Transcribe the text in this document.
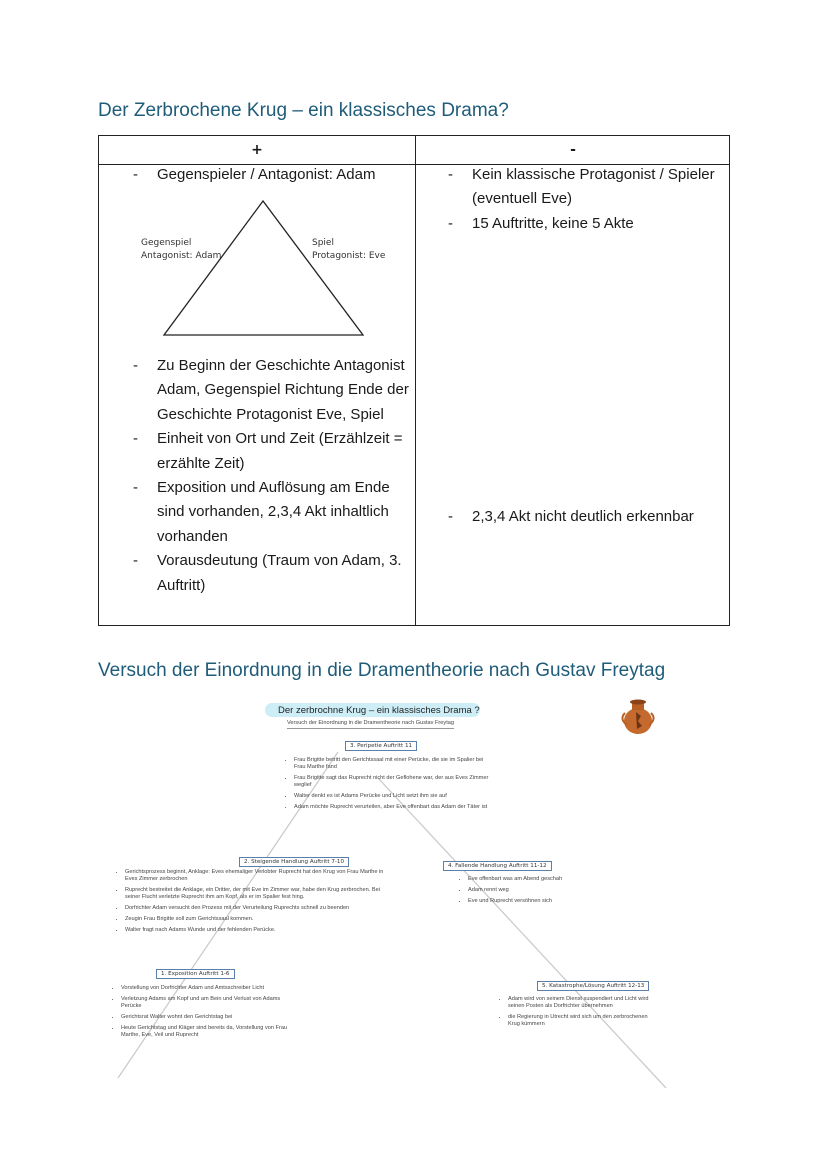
Der Zerbrochene Krug – ein klassisches Drama?
+	-
- Gegenspieler / Antagonist: Adam
Gegenspiel
Antagonist: Adam
Spiel
Protagonist: Eve
- Zu Beginn der Geschichte Antagonist Adam, Gegenspiel Richtung Ende der Geschichte Protagonist Eve, Spiel
- Einheit von Ort und Zeit (Erzählzeit = erzählte Zeit)
- Exposition und Auflösung am Ende sind vorhanden, 2,3,4 Akt inhaltlich vorhanden
- Vorausdeutung (Traum von Adam, 3. Auftritt)
- Kein klassische Protagonist / Spieler (eventuell Eve)
- 15 Auftritte, keine 5 Akte
- 2,3,4 Akt nicht deutlich erkennbar
Versuch der Einordnung in die Dramentheorie nach Gustav Freytag
Der zerbrochne Krug – ein klassisches Drama ?
Versuch der Einordnung in die Dramentheorie nach Gustav Freytag
3. Peripetie Auftritt 11
• Frau Brigitte betritt den Gerichtssaal mit einer Perücke, die sie im Spalier bei Frau Marthe fand
• Frau Brigitte sagt das Ruprecht nicht der Geflohene war, der aus Eves Zimmer weglief
• Walter denkt es ist Adams Perücke und Licht setzt ihm sie auf
• Adam möchte Ruprecht verurteilen, aber Eve offenbart das Adam der Täter ist
2. Steigende Handlung Auftritt 7-10
• Gerichtsprozess beginnt, Anklage: Eves ehemaliger Verlobter Ruprecht hat den Krug von Frau Marthe in Eves Zimmer zerbrochen
• Ruprecht bestreitet die Anklage, ein Dritter, der mit Eve im Zimmer war, habe den Krug zerbrochen. Bei seiner Flucht verletzte Ruprecht ihm am Kopf, als er im Spalier fest hing.
• Dorfrichter Adam versucht den Prozess mit der Verurteilung Ruprechts schnell zu beenden
• Zeugin Frau Brigitte soll zum Gerichtssaal kommen.
• Walter fragt nach Adams Wunde und der fehlenden Perücke.
1. Exposition Auftritt 1-6
• Vorstellung von Dorfrichter Adam und Amtsschreiber Licht
• Verletzung Adams am Kopf und am Bein und Verlust von Adams Perücke
• Gerichtsrat Walter wohnt den Gerichtstag bei
• Heute Gerichtstag und Kläger sind bereits da, Vorstellung von Frau Marthe, Eve, Veil und Ruprecht
4. Fallende Handlung Auftritt 11-12
• Eve offenbart was am Abend geschah
• Adam rennt weg
• Eve und Ruprecht versöhnen sich
5. Katastrophe/Lösung Auftritt 12-13
• Adam wird von seinem Dienst suspendiert und Licht wird seinen Posten als Dorfrichter übernehmen
• die Regierung in Utrecht wird sich um den zerbrochenen Krug kümmern
